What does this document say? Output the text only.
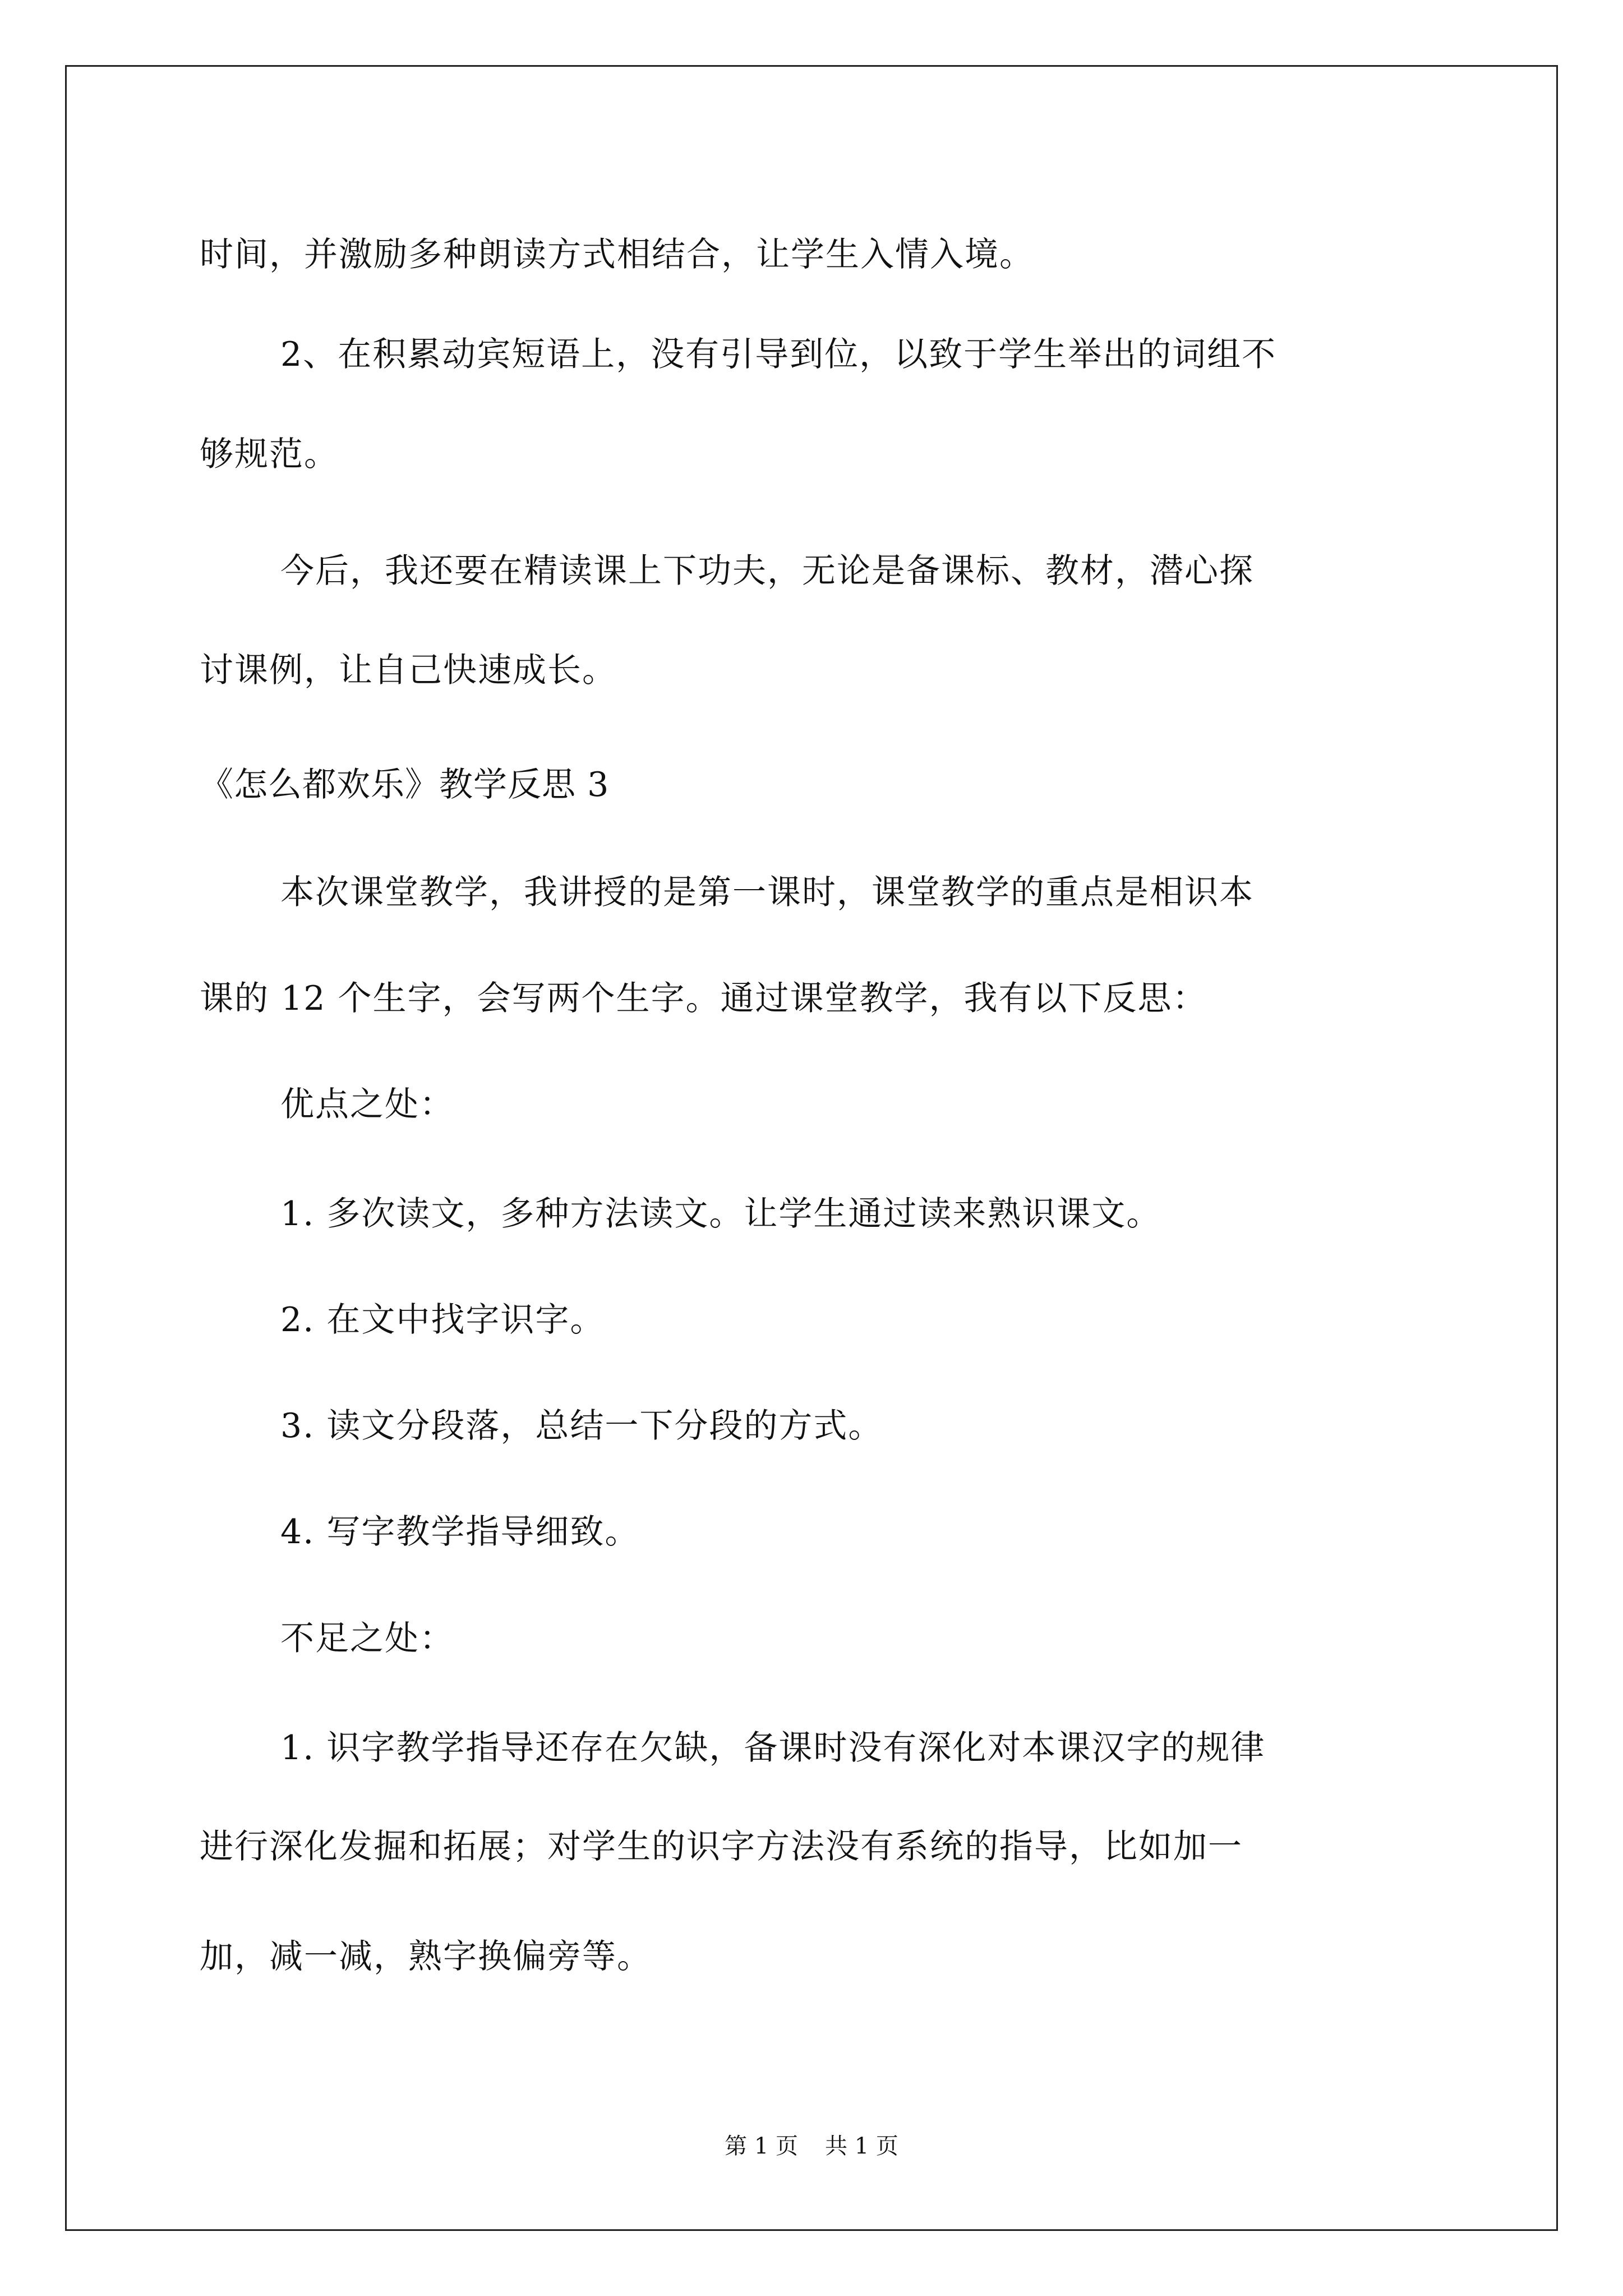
时间，并激励多种朗读方式相结合，让学生入情入境。
2、在积累动宾短语上，没有引导到位，以致于学生举出的词组不
够规范。
今后，我还要在精读课上下功夫，无论是备课标、教材，潜心探
讨课例，让自己快速成长。
《怎么都欢乐》教学反思 3
本次课堂教学，我讲授的是第一课时，课堂教学的重点是相识本
课的 12 个生字，会写两个生字。通过课堂教学，我有以下反思：
优点之处：
1. 多次读文，多种方法读文。让学生通过读来熟识课文。
2. 在文中找字识字。
3. 读文分段落，总结一下分段的方式。
4. 写字教学指导细致。
不足之处：
1. 识字教学指导还存在欠缺，备课时没有深化对本课汉字的规律
进行深化发掘和拓展；对学生的识字方法没有系统的指导，比如加一
加，减一减，熟字换偏旁等。
第 1 页 共 1 页
